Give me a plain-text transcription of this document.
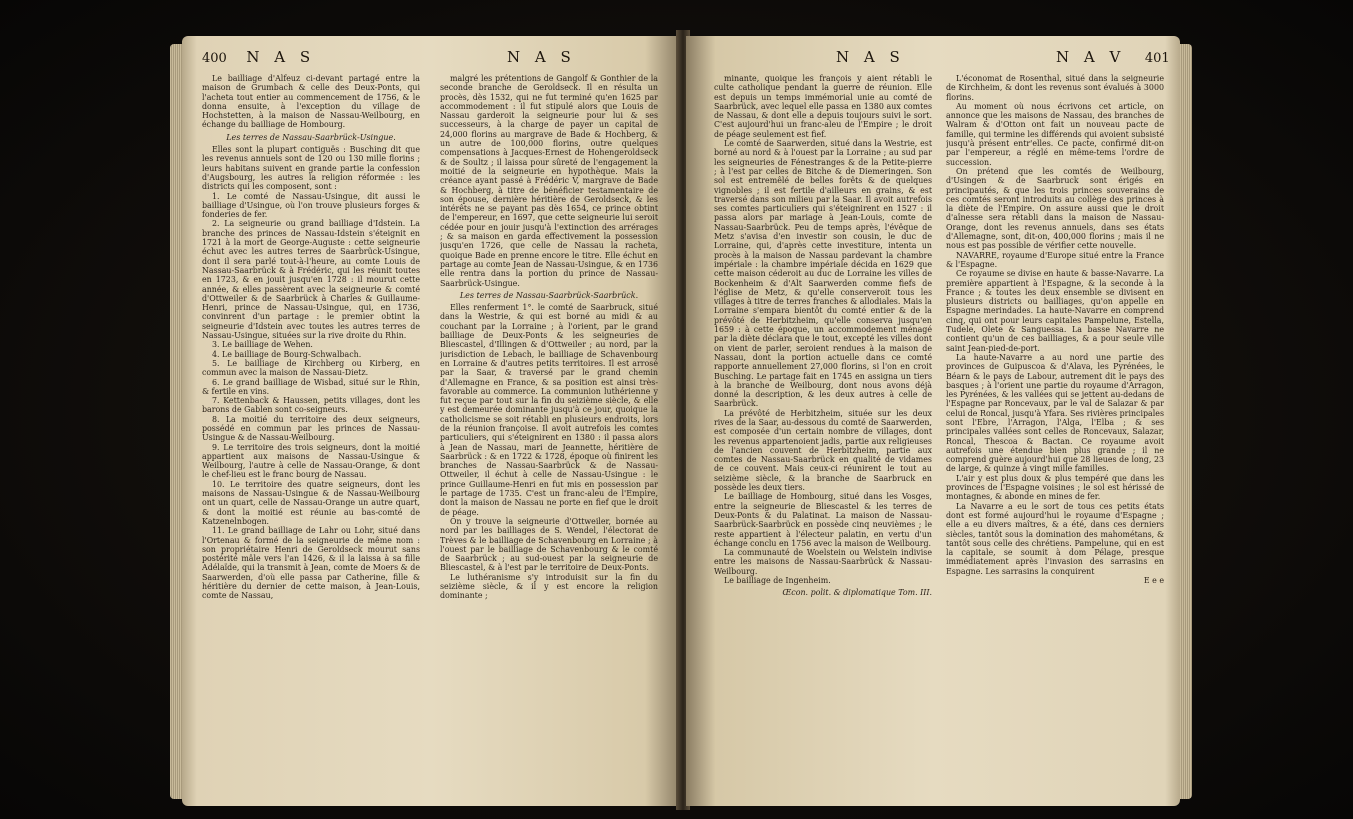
400 N A S	N A S

Le bailliage d'Alfeuz ci-devant partagé entre la maison de Grumbach & celle des Deux-Ponts, qui l'acheta tout entier au commencement de 1756, & le donna ensuite, à l'exception du village de Hochstetten, à la maison de Nassau-Weilbourg, en échange du bailliage de Hombourg.

Les terres de Nassau-Saarbrück-Usingue.

Elles sont la plupart contiguës : Busching dit que les revenus annuels sont de 120 ou 130 mille florins ; leurs habitans suivent en grande partie la confession d'Augsbourg, les autres la religion réformée : les districts qui les composent, sont :

1. Le comté de Nassau-Usingue, dit aussi le bailliage d'Usingue, où l'on trouve plusieurs forges & fonderies de fer.

2. La seigneurie ou grand bailliage d'Idstein. La branche des princes de Nassau-Idstein s'éteignit en 1721 à la mort de George-Auguste : cette seigneurie échut avec les autres terres de Saarbrück-Usingue, dont il sera parlé tout-à-l'heure, au comte Louis de Nassau-Saarbrück & à Frédéric, qui les réunit toutes en 1723, & en jouit jusqu'en 1728 : il mourut cette année, & elles passèrent avec la seigneurie & comté d'Ottweiler & de Saarbrück à Charles & Guillaume-Henri, prince de Nassau-Usingue, qui, en 1736, convinrent d'un partage : le premier obtint la seigneurie d'Idstein avec toutes les autres terres de Nassau-Usingue, situées sur la rive droite du Rhin.

3. Le bailliage de Wehen.

4. Le bailliage de Bourg-Schwalbach.

5. Le bailliage de Kirchberg ou Kirberg, en commun avec la maison de Nassau-Dietz.

6. Le grand bailliage de Wisbad, situé sur le Rhin, & fertile en vins.

7. Kettenback & Haussen, petits villages, dont les barons de Gablen sont co-seigneurs.

8. La moitié du territoire des deux seigneurs, possédé en commun par les princes de Nassau-Usingue & de Nassau-Weilbourg.

9. Le territoire des trois seigneurs, dont la moitié appartient aux maisons de Nassau-Usingue & Weilbourg, l'autre à celle de Nassau-Orange, & dont le chef-lieu est le franc bourg de Nassau.

10. Le territoire des quatre seigneurs, dont les maisons de Nassau-Usingue & de Nassau-Weilbourg ont un quart, celle de Nassau-Orange un autre quart, & dont la moitié est réunie au bas-comté de Katzenelnbogen.

11. Le grand bailliage de Lahr ou Lohr, situé dans l'Ortenau & formé de la seigneurie de même nom : son propriétaire Henri de Geroldseck mourut sans postérité mâle vers l'an 1426, & il la laissa à sa fille Adélaïde, qui la transmit à Jean, comte de Moers & de Saarwerden, d'où elle passa par Catherine, fille & héritière du dernier de cette maison, à Jean-Louis, comte de Nassau,

malgré les prétentions de Gangolf & Gonthier de la seconde branche de Geroldseck. Il en résulta un procès, dès 1532, qui ne fut terminé qu'en 1625 par accommodement : il fut stipulé alors que Louis de Nassau garderoit la seigneurie pour lui & ses successeurs, à la charge de payer un capital de 24,000 florins au margrave de Bade & Hochberg, & un autre de 100,000 florins, outre quelques compensations à Jacques-Ernest de Hohengeroldseck & de Soultz ; il laissa pour sûreté de l'engagement la moitié de la seigneurie en hypothèque. Mais la créance ayant passé à Frédéric V, margrave de Bade & Hochberg, à titre de bénéficier testamentaire de son épouse, dernière héritière de Geroldseck, & les intérêts ne se payant pas dès 1654, ce prince obtint de l'empereur, en 1697, que cette seigneurie lui seroit cédée pour en jouir jusqu'à l'extinction des arrérages ; & sa maison en garda effectivement la possession jusqu'en 1726, que celle de Nassau la racheta, quoique Bade en prenne encore le titre. Elle échut en partage au comte Jean de Nassau-Usingue, & en 1736 elle rentra dans la portion du prince de Nassau-Saarbrück-Usingue.

Les terres de Nassau-Saarbrück-Saarbrück.

Elles renferment 1°. le comté de Saarbruck, situé dans la Westrie, & qui est borné au midi & au couchant par la Lorraine ; à l'orient, par le grand bailliage de Deux-Ponts & les seigneuries de Bliescastel, d'Illingen & d'Ottweiler ; au nord, par la jurisdiction de Lebach, le bailliage de Schavenbourg en Lorraine & d'autres petits territoires. Il est arrosé par la Saar, & traversé par le grand chemin d'Allemagne en France, & sa position est ainsi très-favorable au commerce. La communion luthérienne y fut reçue par tout sur la fin du seizième siècle, & elle y est demeurée dominante jusqu'à ce jour, quoique la catholicisme se soit rétabli en plusieurs endroits, lors de la réunion françoise. Il avoit autrefois les comtes particuliers, qui s'éteignirent en 1380 : il passa alors à Jean de Nassau, mari de Jeannette, héritière de Saarbrück : & en 1722 & 1728, époque où finirent les branches de Nassau-Saarbrück & de Nassau-Ottweiler, il échut à celle de Nassau-Usingue : le prince Guillaume-Henri en fut mis en possession par le partage de 1735. C'est un franc-aleu de l'Empire, dont la maison de Nassau ne porte en fief que le droit de péage.

On y trouve la seigneurie d'Ottweiler, bornée au nord par les bailliages de S. Wendel, l'électorat de Trèves & le bailliage de Schavenbourg en Lorraine ; à l'ouest par le bailliage de Schavenbourg & le comté de Saarbrück ; au sud-ouest par la seigneurie de Bliescastel, & à l'est par le territoire de Deux-Ponts.

Le luthéranisme s'y introduisit sur la fin du seizième siècle, & il y est encore la religion dominante ;

N A S	N A V 401

minante, quoique les françois y aient rétabli le culte catholique pendant la guerre de réunion. Elle est depuis un temps immémorial unie au comté de Saarbrück, avec lequel elle passa en 1380 aux comtes de Nassau, & dont elle a depuis toujours suivi le sort. C'est aujourd'hui un franc-aleu de l'Empire ; le droit de péage seulement est fief.

Le comté de Saarwerden, situé dans la Westrie, est borné au nord & à l'ouest par la Lorraine ; au sud par les seigneuries de Fénestranges & de la Petite-pierre ; à l'est par celles de Bitche & de Diemeringen. Son sol est entremêlé de belles forêts & de quelques vignobles ; il est fertile d'ailleurs en grains, & est traversé dans son milieu par la Saar. Il avoit autrefois ses comtes particuliers qui s'éteignirent en 1527 : il passa alors par mariage à Jean-Louis, comte de Nassau-Saarbrück. Peu de temps après, l'évêque de Metz s'avisa d'en investir son cousin, le duc de Lorraine, qui, d'après cette investiture, intenta un procès à la maison de Nassau pardevant la chambre impériale : la chambre impériale décida en 1629 que cette maison céderoit au duc de Lorraine les villes de Bockenheim & d'Alt Saarwerden comme fiefs de l'église de Metz, & qu'elle conserveroit tous les villages à titre de terres franches & allodiales. Mais la Lorraine s'empara bientôt du comté entier & de la prévôté de Herbitzheim, qu'elle conserva jusqu'en 1659 : à cette époque, un accommodement ménagé par la diète déclara que le tout, excepté les villes dont on vient de parler, seroient rendues à la maison de Nassau, dont la portion actuelle dans ce comté rapporte annuellement 27,000 florins, si l'on en croit Busching. Le partage fait en 1745 en assigna un tiers à la branche de Weilbourg, dont nous avons déjà donné la description, & les deux autres à celle de Saarbrück.

La prévôté de Herbitzheim, située sur les deux rives de la Saar, au-dessous du comté de Saarwerden, est composée d'un certain nombre de villages, dont les revenus appartenoient jadis, partie aux religieuses de l'ancien couvent de Herbitzheim, partie aux comtes de Nassau-Saarbrück en qualité de vidames de ce couvent. Mais ceux-ci réunirent le tout au seizième siècle, & la branche de Saarbruck en possède les deux tiers.

Le bailliage de Hombourg, situé dans les Vosges, entre la seigneurie de Bliescastel & les terres de Deux-Ponts & du Palatinat. La maison de Nassau-Saarbrück-Saarbrück en possède cinq neuvièmes ; le reste appartient à l'électeur palatin, en vertu d'un échange conclu en 1756 avec la maison de Weilbourg.

La communauté de Woelstein ou Welstein indivise entre les maisons de Nassau-Saarbrück & Nassau-Weilbourg.

Le bailliage de Ingenheim.

Œcon. polit. & diplomatique Tom. III.

L'économat de Rosenthal, situé dans la seigneurie de Kirchheim, & dont les revenus sont évalués à 3000 florins.

Au moment où nous écrivons cet article, on annonce que les maisons de Nassau, des branches de Walram & d'Otton ont fait un nouveau pacte de famille, qui termine les différends qui avoient subsisté jusqu'à présent entr'elles. Ce pacte, confirmé dit-on par l'empereur, a réglé en même-tems l'ordre de succession.

On prétend que les comtés de Weilbourg, d'Usingen & de Saarbruck sont érigés en principautés, & que les trois princes souverains de ces comtés seront introduits au collège des princes à la diète de l'Empire. On assure aussi que le droit d'aînesse sera rétabli dans la maison de Nassau-Orange, dont les revenus annuels, dans ses états d'Allemagne, sont, dit-on, 400,000 florins ; mais il ne nous est pas possible de vérifier cette nouvelle.

NAVARRE, royaume d'Europe situé entre la France & l'Espagne.

Ce royaume se divise en haute & basse-Navarre. La première appartient à l'Espagne, & la seconde à la France ; & toutes les deux ensemble se divisent en plusieurs districts ou bailliages, qu'on appelle en Espagne merindades. La haute-Navarre en comprend cinq, qui ont pour leurs capitales Pampelune, Estella, Tudele, Olete & Sanguessa. La basse Navarre ne contient qu'un de ces bailliages, & a pour seule ville saint Jean-pied-de-port.

La haute-Navarre a au nord une partie des provinces de Guipuscoa & d'Alava, les Pyrénées, le Béarn & le pays de Labour, autrement dit le pays des basques ; à l'orient une partie du royaume d'Arragon, les Pyrénées, & les vallées qui se jettent au-dedans de l'Espagne par Roncevaux, par le val de Salazar & par celui de Roncal, jusqu'à Yfara. Ses rivières principales sont l'Ebre, l'Arragon, l'Alga, l'Elba ; & ses principales vallées sont celles de Roncevaux, Salazar, Roncal, Thescoa & Bactan. Ce royaume avoit autrefois une étendue bien plus grande ; il ne comprend guère aujourd'hui que 28 lieues de long, 23 de large, & quinze à vingt mille familles.

L'air y est plus doux & plus tempéré que dans les provinces de l'Espagne voisines ; le sol est hérissé de montagnes, & abonde en mines de fer.

La Navarre a eu le sort de tous ces petits états dont est formé aujourd'hui le royaume d'Espagne ; elle a eu divers maîtres, & a été, dans ces derniers siècles, tantôt sous la domination des mahométans, & tantôt sous celle des chrétiens. Pampelune, qui en est la capitale, se soumit à dom Pélage, presque immédiatement après l'invasion des sarrasins en Espagne. Les sarrasins la conquirent

E e e
